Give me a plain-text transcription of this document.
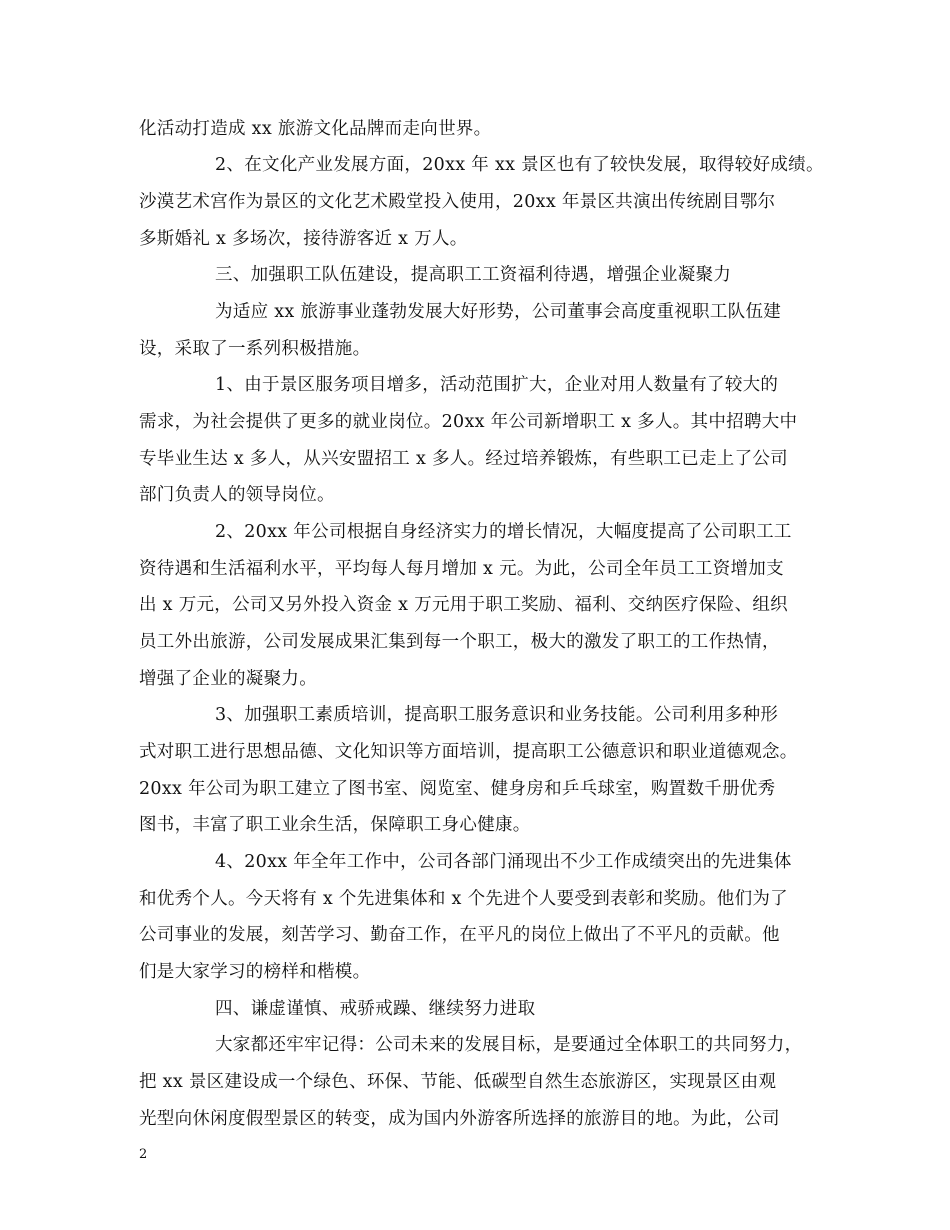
化活动打造成 xx 旅游文化品牌而走向世界。
2、在文化产业发展方面，20xx 年 xx 景区也有了较快发展，取得较好成绩。
沙漠艺术宫作为景区的文化艺术殿堂投入使用，20xx 年景区共演出传统剧目鄂尔
多斯婚礼 x 多场次，接待游客近 x 万人。
三、加强职工队伍建设，提高职工工资福利待遇，增强企业凝聚力
为适应 xx 旅游事业蓬勃发展大好形势，公司董事会高度重视职工队伍建
设，采取了一系列积极措施。
1、由于景区服务项目增多，活动范围扩大，企业对用人数量有了较大的
需求，为社会提供了更多的就业岗位。20xx 年公司新增职工 x 多人。其中招聘大中
专毕业生达 x 多人，从兴安盟招工 x 多人。经过培养锻炼，有些职工已走上了公司
部门负责人的领导岗位。
2、20xx 年公司根据自身经济实力的增长情况，大幅度提高了公司职工工
资待遇和生活福利水平，平均每人每月增加 x 元。为此，公司全年员工工资增加支
出 x 万元，公司又另外投入资金 x 万元用于职工奖励、福利、交纳医疗保险、组织
员工外出旅游，公司发展成果汇集到每一个职工，极大的激发了职工的工作热情，
增强了企业的凝聚力。
3、加强职工素质培训，提高职工服务意识和业务技能。公司利用多种形
式对职工进行思想品德、文化知识等方面培训，提高职工公德意识和职业道德观念。
20xx 年公司为职工建立了图书室、阅览室、健身房和乒乓球室，购置数千册优秀
图书，丰富了职工业余生活，保障职工身心健康。
4、20xx 年全年工作中，公司各部门涌现出不少工作成绩突出的先进集体
和优秀个人。今天将有 x 个先进集体和 x 个先进个人要受到表彰和奖励。他们为了
公司事业的发展，刻苦学习、勤奋工作，在平凡的岗位上做出了不平凡的贡献。他
们是大家学习的榜样和楷模。
四、谦虚谨慎、戒骄戒躁、继续努力进取
大家都还牢牢记得：公司未来的发展目标，是要通过全体职工的共同努力，
把 xx 景区建设成一个绿色、环保、节能、低碳型自然生态旅游区，实现景区由观
光型向休闲度假型景区的转变，成为国内外游客所选择的旅游目的地。为此，公司
2
